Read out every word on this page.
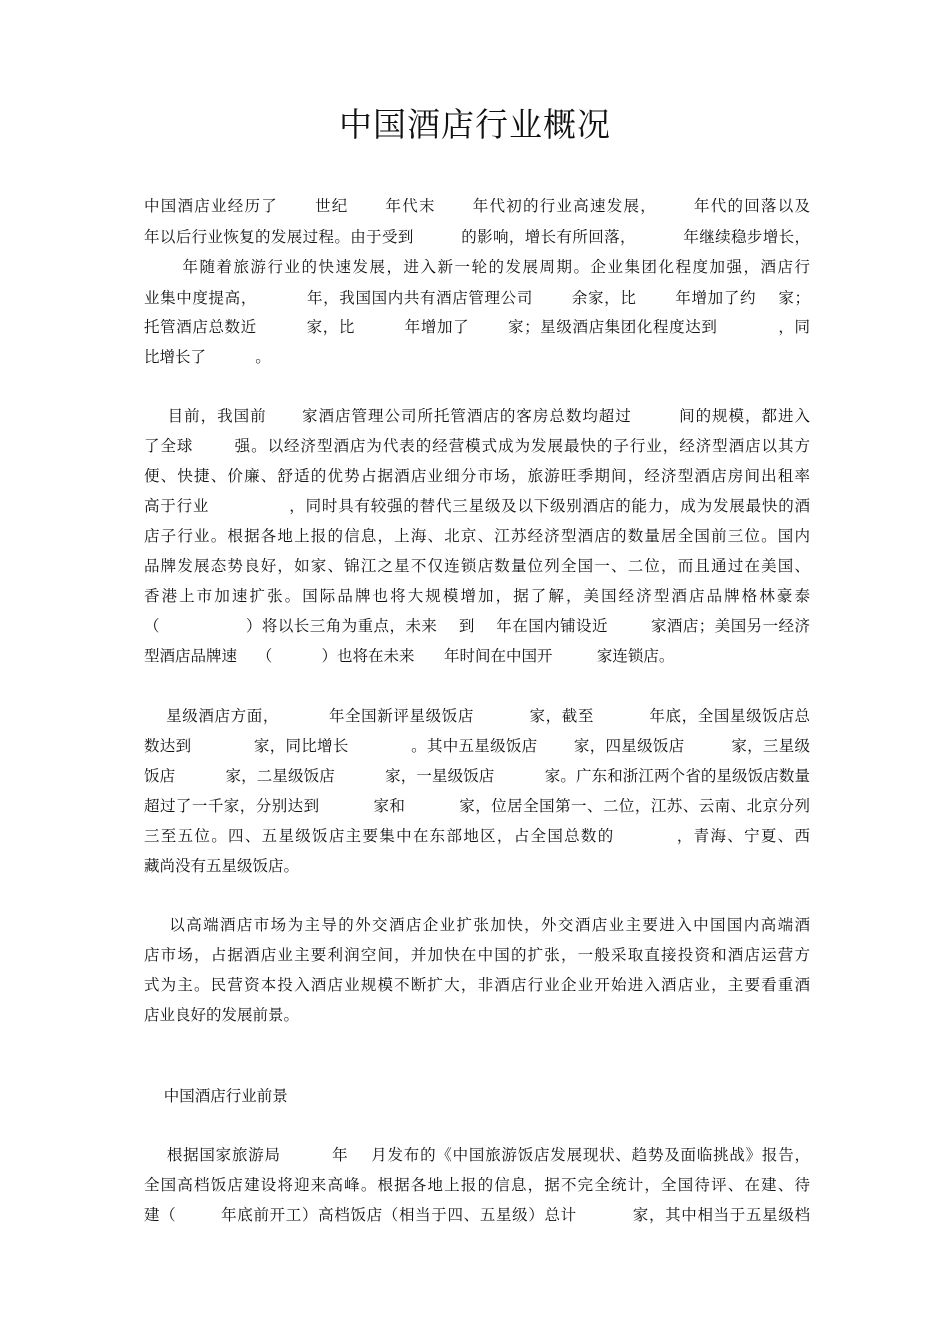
中国酒店行业概况
中国酒店业经历了      世纪      年代末      年代初的行业高速发展，      年代的回落以及
年以后行业恢复的发展过程。由于受到         的影响，增长有所回落，         年继续稳步增长，
年随着旅游行业的快速发展，进入新一轮的发展周期。企业集团化程度加强，酒店行
业集中度提高，         年，我国国内共有酒店管理公司       余家，比       年增加了约    家；
托管酒店总数近         家，比         年增加了       家；星级酒店集团化程度达到           ，同
比增长了          。
目前，我国前      家酒店管理公司所托管酒店的客房总数均超过        间的规模，都进入
了全球       强。以经济型酒店为代表的经营模式成为发展最快的子行业，经济型酒店以其方
便、快捷、价廉、舒适的优势占据酒店业细分市场，旅游旺季期间，经济型酒店房间出租率
高于行业              ，同时具有较强的替代三星级及以下级别酒店的能力，成为发展最快的酒
店子行业。根据各地上报的信息，上海、北京、江苏经济型酒店的数量居全国前三位。国内
品牌发展态势良好，如家、锦江之星不仅连锁店数量位列全国一、二位，而且通过在美国、
香港上市加速扩张。国际品牌也将大规模增加，据了解，美国经济型酒店品牌格林豪泰
（                ）将以长三角为重点，未来    到    年在国内铺设近        家酒店；美国另一经济
型酒店品牌速    （          ）也将在未来      年时间在中国开         家连锁店。
星级酒店方面，         年全国新评星级饭店          家，截至          年底，全国星级饭店总
数达到            家，同比增长            。其中五星级饭店       家，四星级饭店         家，三星级
饭店          家，二星级饭店          家，一星级饭店          家。广东和浙江两个省的星级饭店数量
超过了一千家，分别达到          家和          家，位居全国第一、二位，江苏、云南、北京分列
三至五位。四、五星级饭店主要集中在东部地区，占全国总数的          ，青海、宁夏、西
藏尚没有五星级饭店。
以高端酒店市场为主导的外交酒店企业扩张加快，外交酒店业主要进入中国国内高端酒
店市场，占据酒店业主要利润空间，并加快在中国的扩张，一般采取直接投资和酒店运营方
式为主。民营资本投入酒店业规模不断扩大，非酒店行业企业开始进入酒店业，主要看重酒
店业良好的发展前景。
中国酒店行业前景
根据国家旅游局         年    月发布的《中国旅游饭店发展现状、趋势及面临挑战》报告，
全国高档饭店建设将迎来高峰。根据各地上报的信息，据不完全统计，全国待评、在建、待
建（        年底前开工）高档饭店（相当于四、五星级）总计          家，其中相当于五星级档
